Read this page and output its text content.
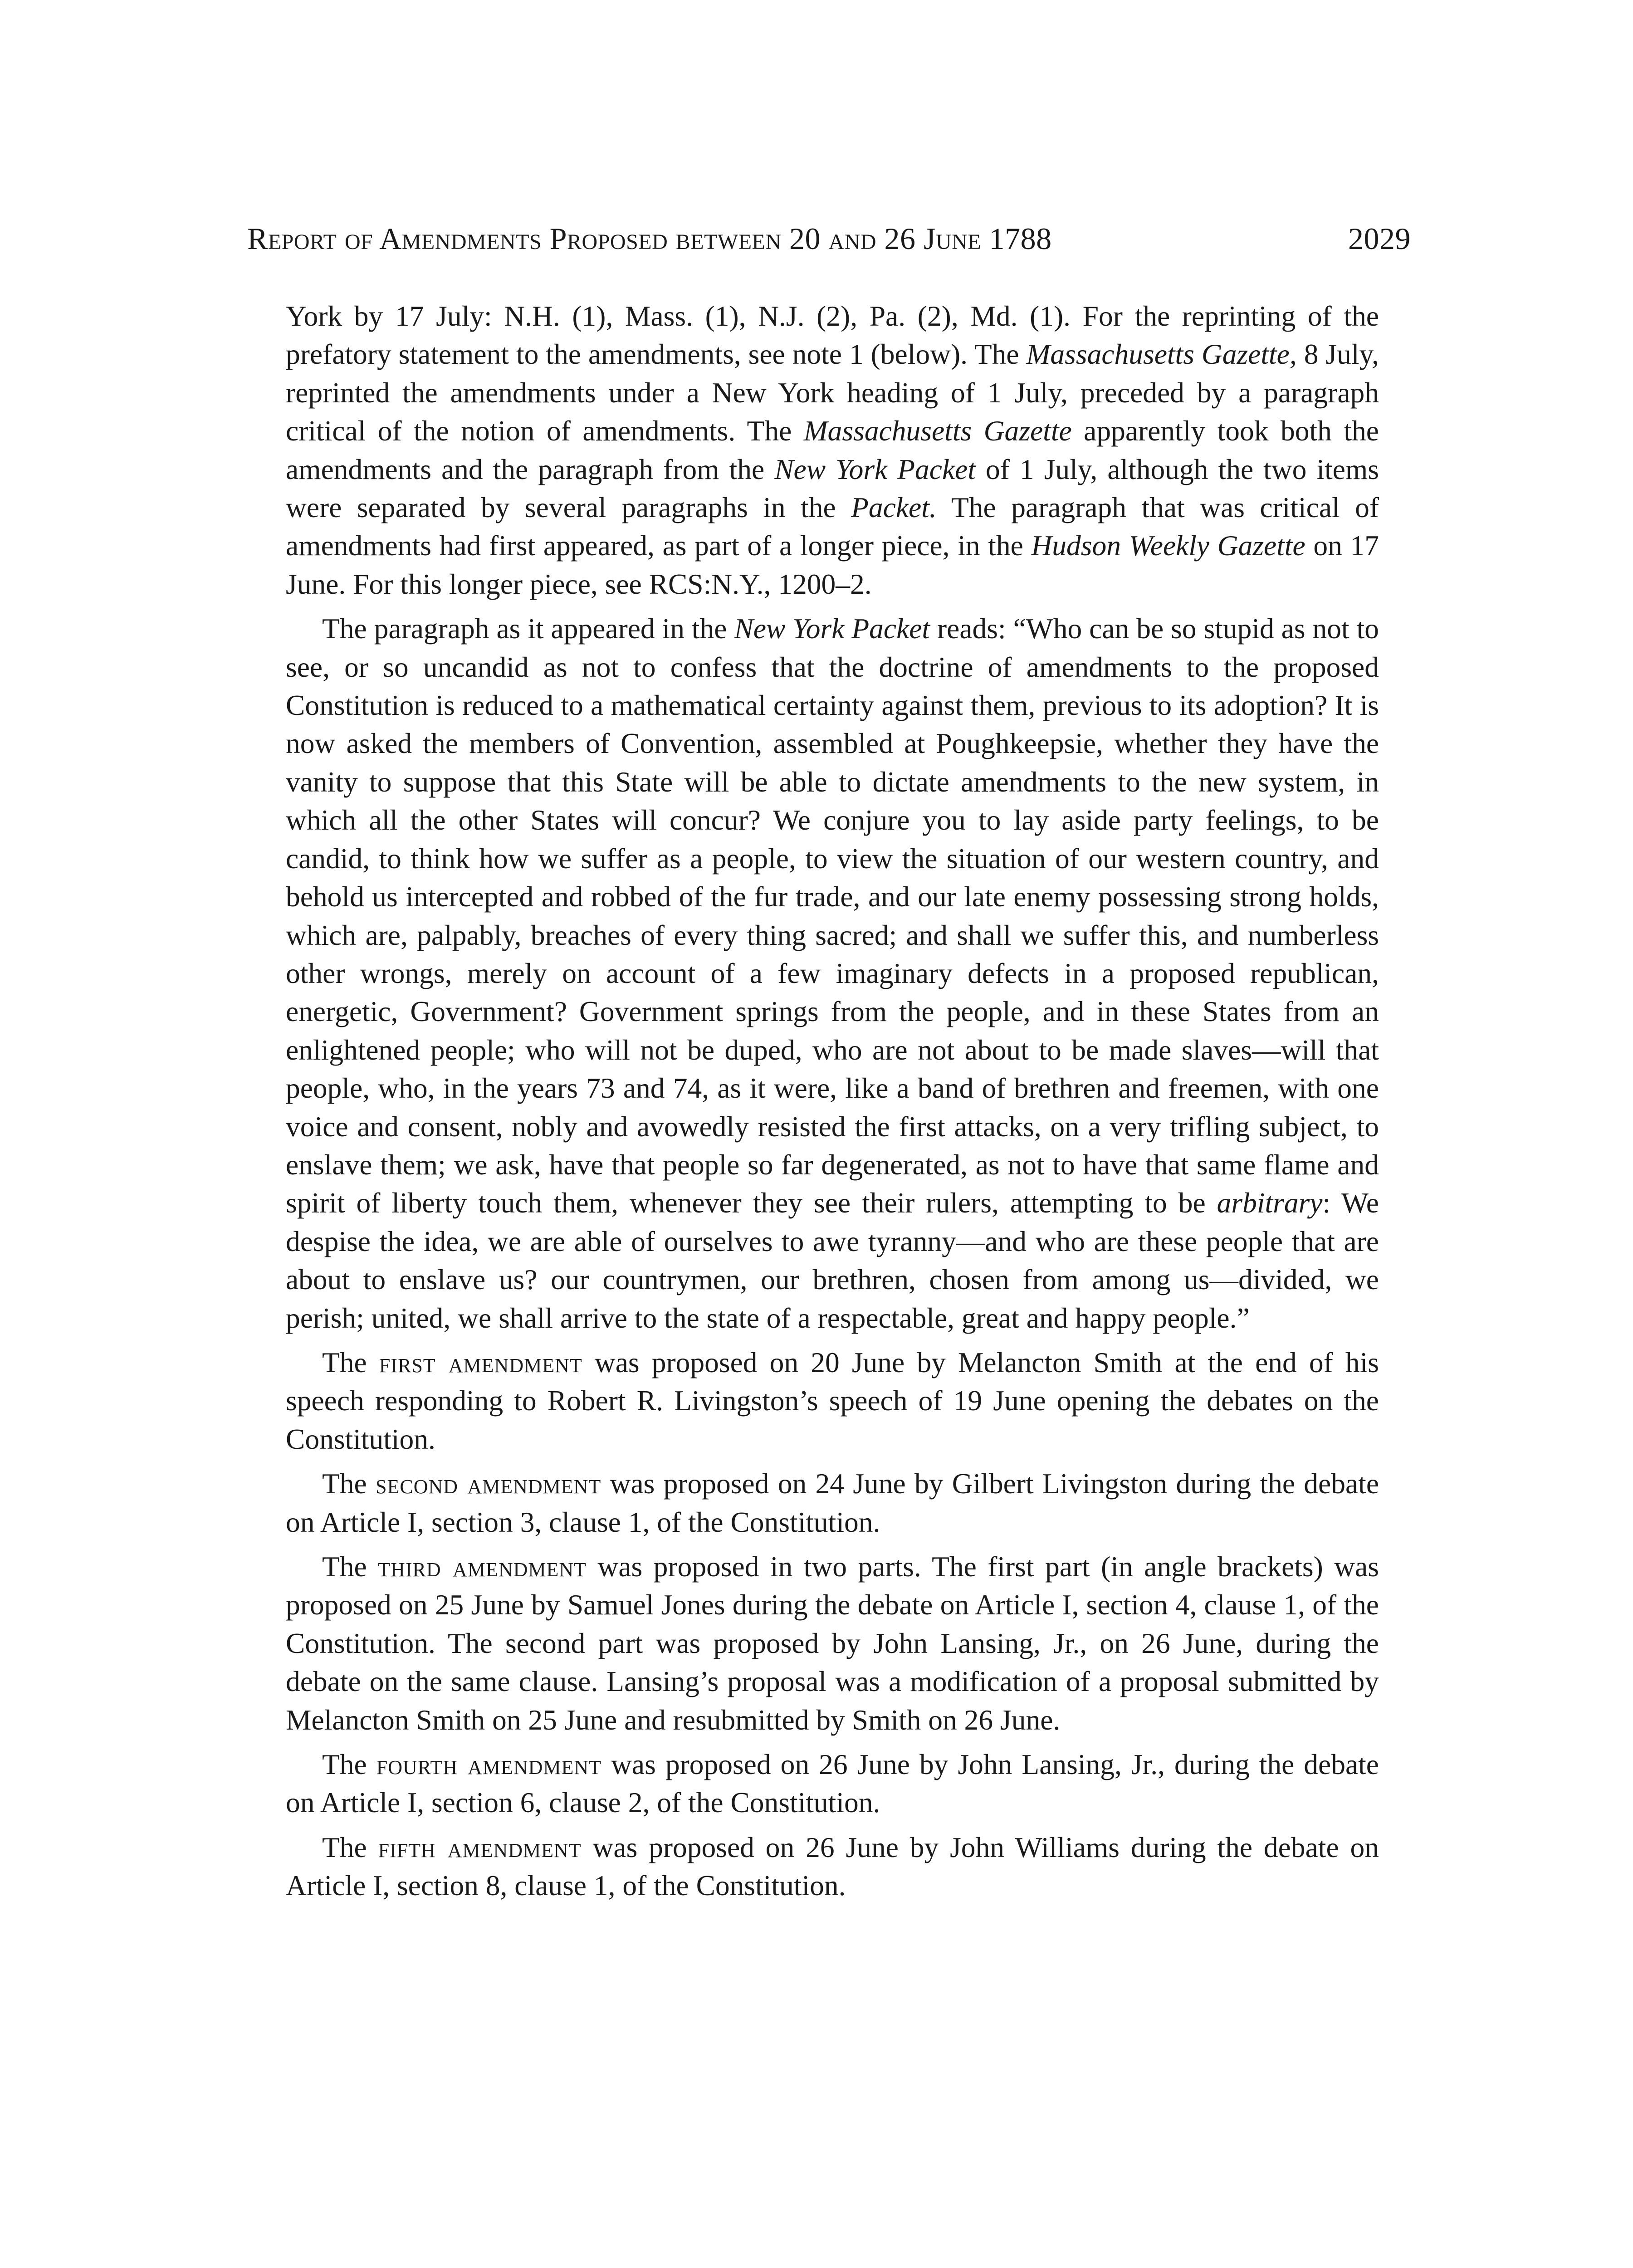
Report of Amendments Proposed between 20 and 26 June 1788	2029

York by 17 July: N.H. (1), Mass. (1), N.J. (2), Pa. (2), Md. (1). For the reprinting of the prefatory statement to the amendments, see note 1 (below). The Massachusetts Gazette, 8 July, reprinted the amendments under a New York heading of 1 July, preceded by a paragraph critical of the notion of amendments. The Massachusetts Gazette apparently took both the amendments and the paragraph from the New York Packet of 1 July, although the two items were separated by several paragraphs in the Packet. The paragraph that was critical of amendments had first appeared, as part of a longer piece, in the Hudson Weekly Gazette on 17 June. For this longer piece, see RCS:N.Y., 1200–2.

The paragraph as it appeared in the New York Packet reads: “Who can be so stupid as not to see, or so uncandid as not to confess that the doctrine of amendments to the proposed Constitution is reduced to a mathematical certainty against them, previous to its adoption? It is now asked the members of Convention, assembled at Poughkeepsie, whether they have the vanity to suppose that this State will be able to dictate amendments to the new system, in which all the other States will concur? We conjure you to lay aside party feelings, to be candid, to think how we suffer as a people, to view the situation of our western country, and behold us intercepted and robbed of the fur trade, and our late enemy possessing strong holds, which are, palpably, breaches of every thing sacred; and shall we suffer this, and numberless other wrongs, merely on account of a few imaginary defects in a proposed republican, energetic, Government? Government springs from the people, and in these States from an enlightened people; who will not be duped, who are not about to be made slaves—will that people, who, in the years 73 and 74, as it were, like a band of brethren and freemen, with one voice and consent, nobly and avowedly resisted the first attacks, on a very trifling subject, to enslave them; we ask, have that people so far degenerated, as not to have that same flame and spirit of liberty touch them, whenever they see their rulers, attempting to be arbitrary: We despise the idea, we are able of ourselves to awe tyranny—and who are these people that are about to enslave us? our countrymen, our brethren, chosen from among us—divided, we perish; united, we shall arrive to the state of a respectable, great and happy people.”

The first amendment was proposed on 20 June by Melancton Smith at the end of his speech responding to Robert R. Livingston’s speech of 19 June opening the debates on the Constitution.

The second amendment was proposed on 24 June by Gilbert Livingston during the debate on Article I, section 3, clause 1, of the Constitution.

The third amendment was proposed in two parts. The first part (in angle brackets) was proposed on 25 June by Samuel Jones during the debate on Article I, section 4, clause 1, of the Constitution. The second part was proposed by John Lansing, Jr., on 26 June, during the debate on the same clause. Lansing’s proposal was a modification of a proposal submitted by Melancton Smith on 25 June and resubmitted by Smith on 26 June.

The fourth amendment was proposed on 26 June by John Lansing, Jr., during the debate on Article I, section 6, clause 2, of the Constitution.

The fifth amendment was proposed on 26 June by John Williams during the debate on Article I, section 8, clause 1, of the Constitution.
